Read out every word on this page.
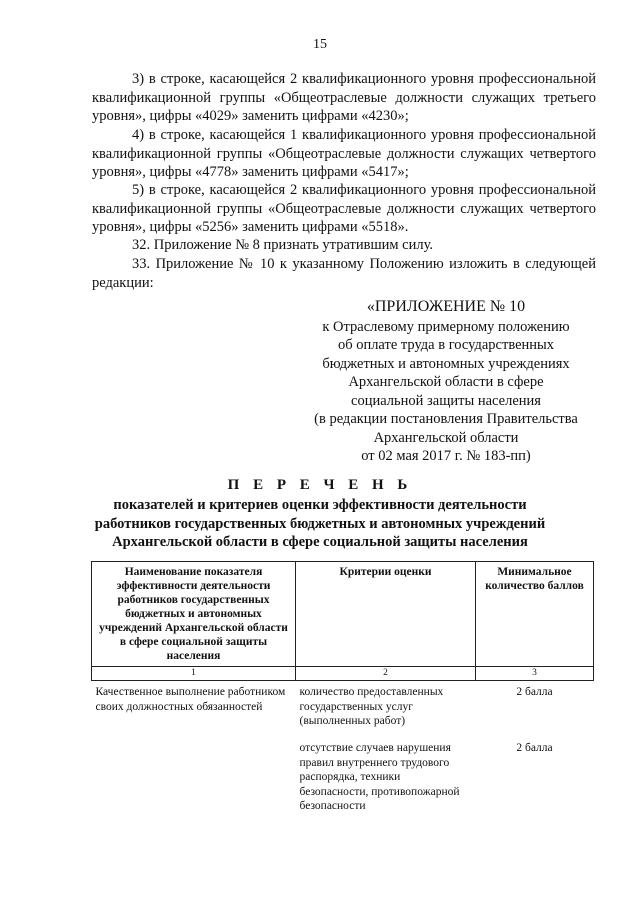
15

3) в строке, касающейся 2 квалификационного уровня профессиональной квалификационной группы «Общеотраслевые должности служащих третьего уровня», цифры «4029» заменить цифрами «4230»;

4) в строке, касающейся 1 квалификационного уровня профессиональной квалификационной группы «Общеотраслевые должности служащих четвертого уровня», цифры «4778» заменить цифрами «5417»;

5) в строке, касающейся 2 квалификационного уровня профессиональной квалификационной группы «Общеотраслевые должности служащих четвертого уровня», цифры «5256» заменить цифрами «5518».

32. Приложение № 8 признать утратившим силу.

33. Приложение № 10 к указанному Положению изложить в следующей редакции:

«ПРИЛОЖЕНИЕ № 10
к Отраслевому примерному положению
об оплате труда в государственных
бюджетных и автономных учреждениях
Архангельской области в сфере
социальной защиты населения
(в редакции постановления Правительства
Архангельской области
от 02 мая 2017 г. № 183-пп)
П Е Р Е Ч Е Н Ь
показателей и критериев оценки эффективности деятельности
работников государственных бюджетных и автономных учреждений
Архангельской области в сфере социальной защиты населения
Наименование показателя эффективности деятельности работников государственных бюджетных и автономных учреждений Архангельской области в сфере социальной защиты населения	Критерии оценки	Минимальное количество баллов
1	2	3
Качественное выполнение работником своих должностных обязанностей	количество предоставленных государственных услуг (выполненных работ)	2 балла
	отсутствие случаев нарушения правил внутреннего трудового распорядка, техники безопасности, противопожарной безопасности	2 балла
